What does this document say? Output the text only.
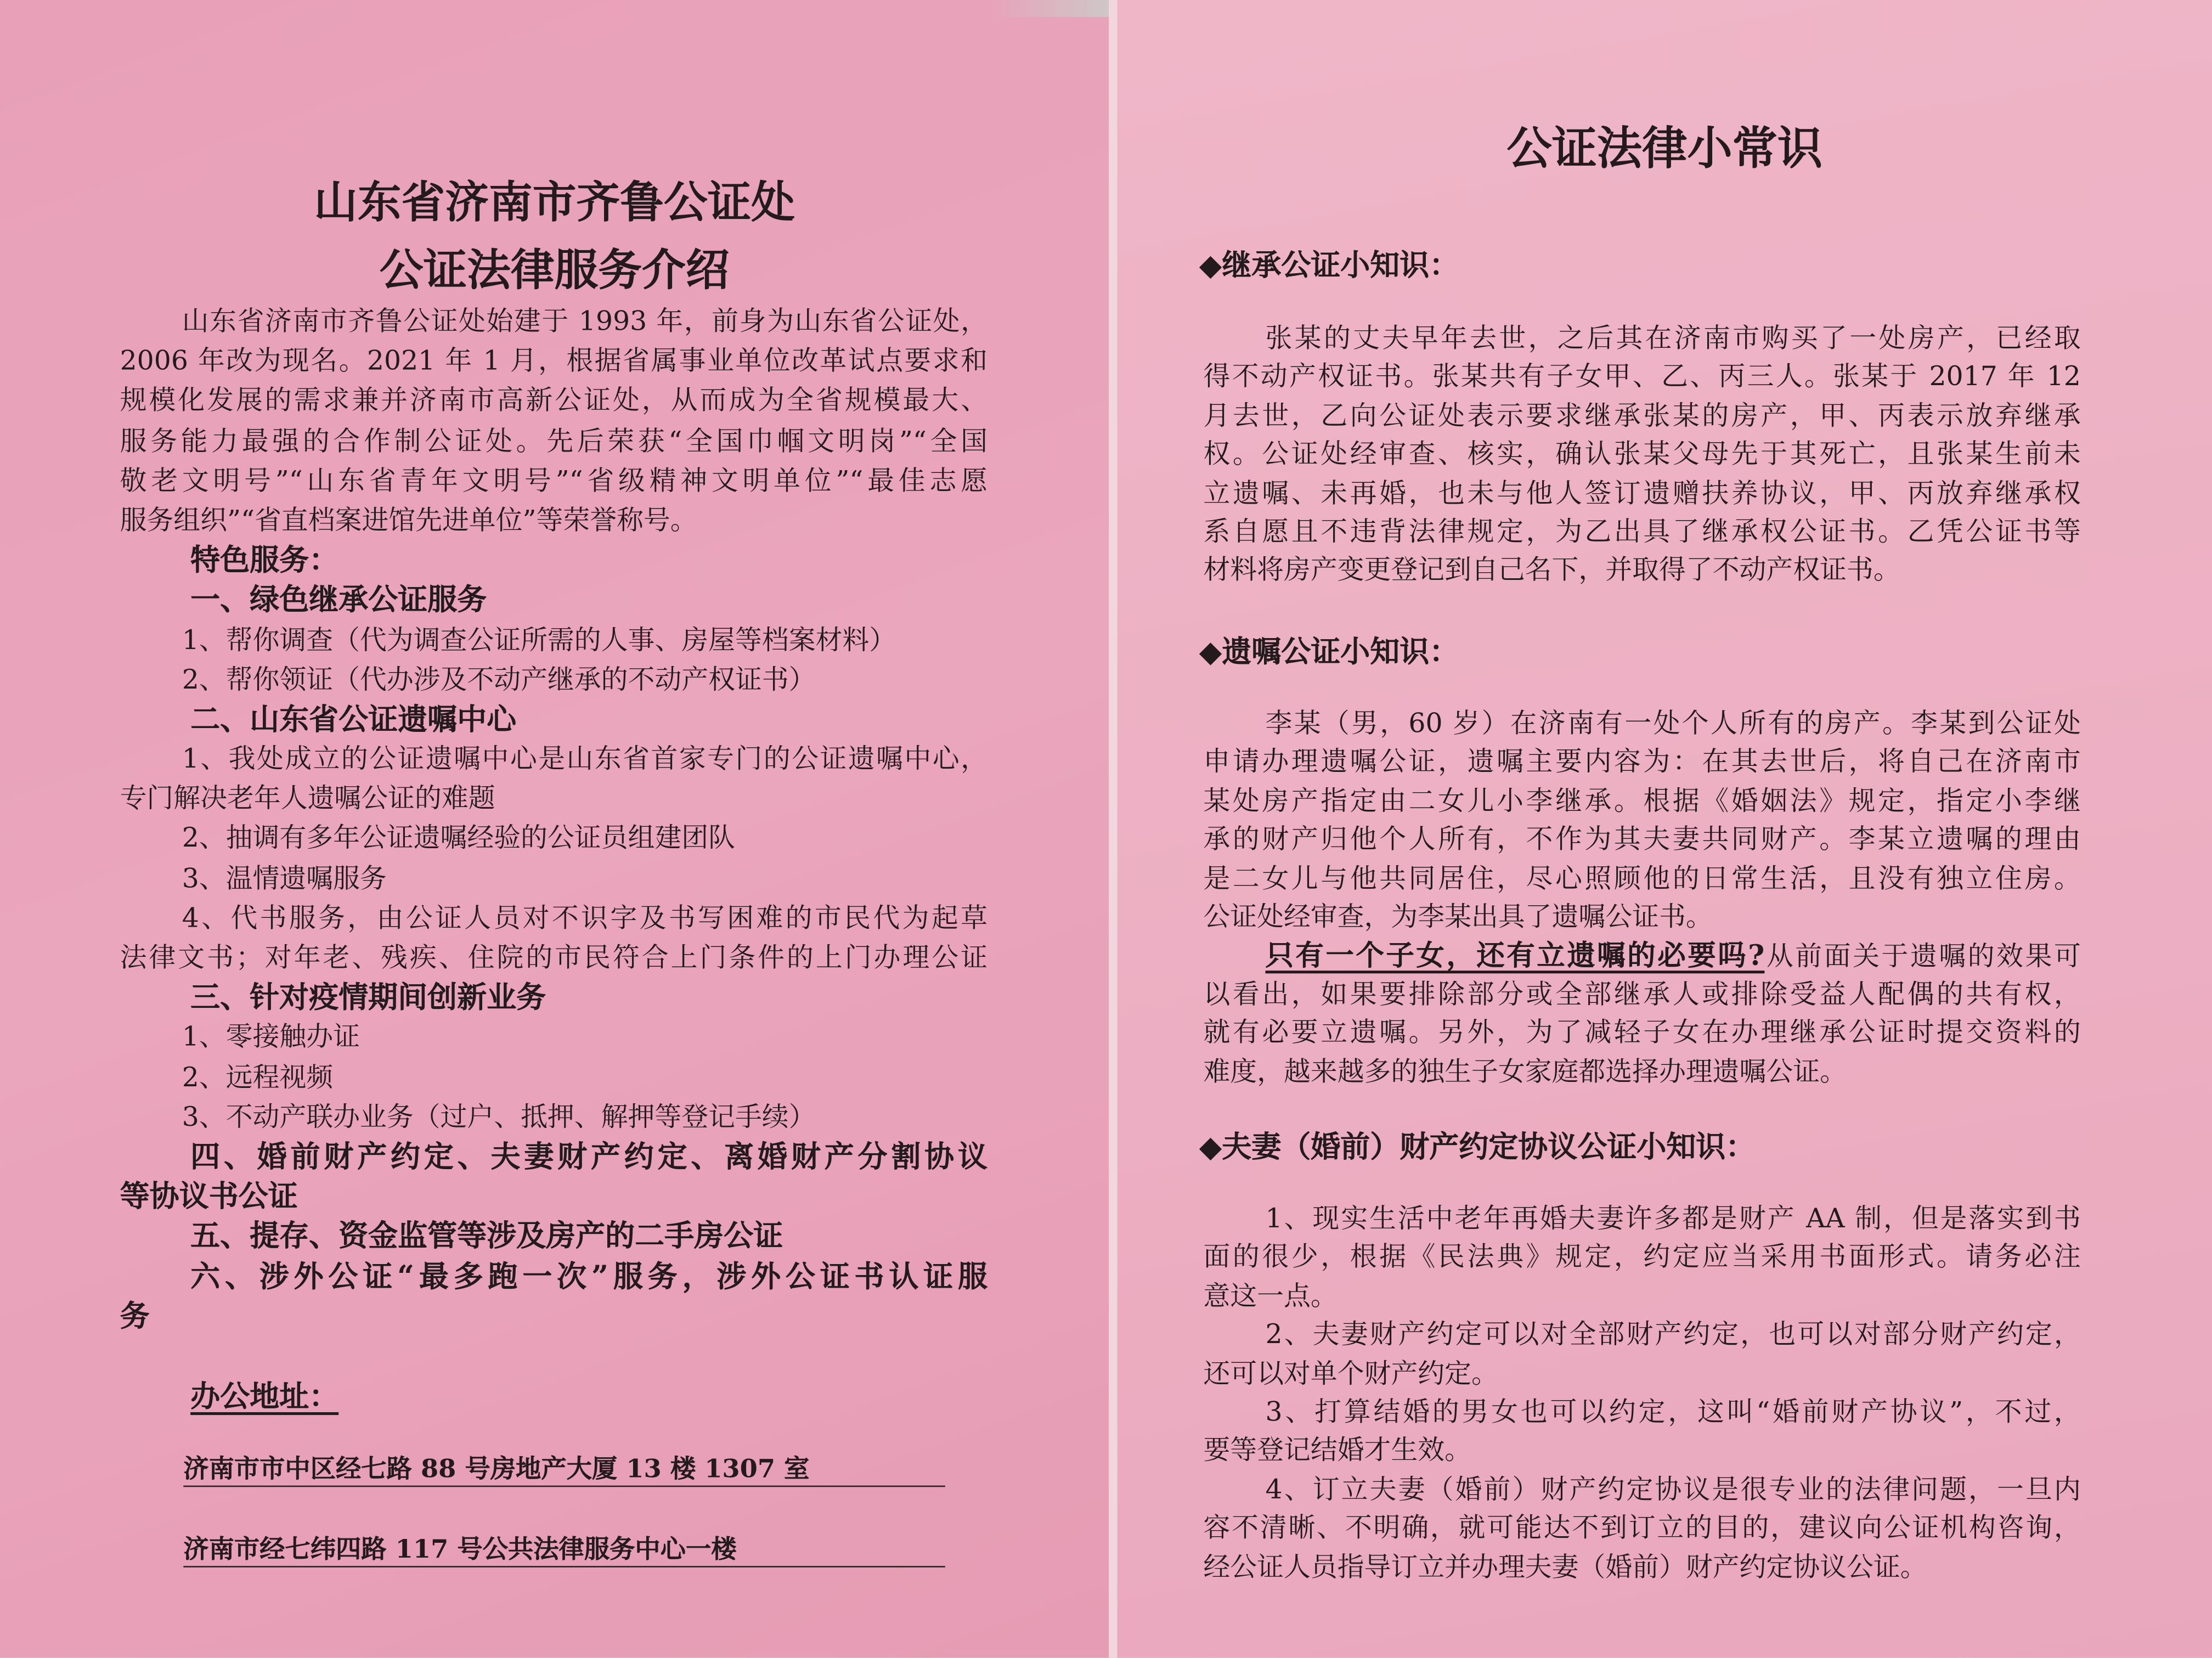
山东省济南市齐鲁公证处
公证法律服务介绍
山东省济南市齐鲁公证处始建于 1993 年，前身为山东省公证处，
2006 年改为现名。2021 年 1 月，根据省属事业单位改革试点要求和
规模化发展的需求兼并济南市高新公证处，从而成为全省规模最大、
服务能力最强的合作制公证处。先后荣获“全国巾帼文明岗”“全国
敬老文明号”“山东省青年文明号”“省级精神文明单位”“最佳志愿
服务组织”“省直档案进馆先进单位”等荣誉称号。
特色服务：
一、绿色继承公证服务
1、帮你调查（代为调查公证所需的人事、房屋等档案材料）
2、帮你领证（代办涉及不动产继承的不动产权证书）
二、山东省公证遗嘱中心
1、我处成立的公证遗嘱中心是山东省首家专门的公证遗嘱中心，
专门解决老年人遗嘱公证的难题
2、抽调有多年公证遗嘱经验的公证员组建团队
3、温情遗嘱服务
4、代书服务，由公证人员对不识字及书写困难的市民代为起草
法律文书；对年老、残疾、住院的市民符合上门条件的上门办理公证
三、针对疫情期间创新业务
1、零接触办证
2、远程视频
3、不动产联办业务（过户、抵押、解押等登记手续）
四、婚前财产约定、夫妻财产约定、离婚财产分割协议
等协议书公证
五、提存、资金监管等涉及房产的二手房公证
六、涉外公证“最多跑一次”服务，涉外公证书认证服
务
办公地址：
济南市市中区经七路 88 号房地产大厦 13 楼 1307 室
济南市经七纬四路 117 号公共法律服务中心一楼
公证法律小常识
◆继承公证小知识：
张某的丈夫早年去世，之后其在济南市购买了一处房产，已经取
得不动产权证书。张某共有子女甲、乙、丙三人。张某于 2017 年 12
月去世，乙向公证处表示要求继承张某的房产，甲、丙表示放弃继承
权。公证处经审查、核实，确认张某父母先于其死亡，且张某生前未
立遗嘱、未再婚，也未与他人签订遗赠扶养协议，甲、丙放弃继承权
系自愿且不违背法律规定，为乙出具了继承权公证书。乙凭公证书等
材料将房产变更登记到自己名下，并取得了不动产权证书。
◆遗嘱公证小知识：
李某（男，60 岁）在济南有一处个人所有的房产。李某到公证处
申请办理遗嘱公证，遗嘱主要内容为：在其去世后，将自己在济南市
某处房产指定由二女儿小李继承。根据《婚姻法》规定，指定小李继
承的财产归他个人所有，不作为其夫妻共同财产。李某立遗嘱的理由
是二女儿与他共同居住，尽心照顾他的日常生活，且没有独立住房。
公证处经审查，为李某出具了遗嘱公证书。
只有一个子女，还有立遗嘱的必要吗?从前面关于遗嘱的效果可
以看出，如果要排除部分或全部继承人或排除受益人配偶的共有权，
就有必要立遗嘱。另外，为了减轻子女在办理继承公证时提交资料的
难度，越来越多的独生子女家庭都选择办理遗嘱公证。
◆夫妻（婚前）财产约定协议公证小知识：
1、现实生活中老年再婚夫妻许多都是财产 AA 制，但是落实到书
面的很少，根据《民法典》规定，约定应当采用书面形式。请务必注
意这一点。
2、夫妻财产约定可以对全部财产约定，也可以对部分财产约定，
还可以对单个财产约定。
3、打算结婚的男女也可以约定，这叫“婚前财产协议”，不过，
要等登记结婚才生效。
4、订立夫妻（婚前）财产约定协议是很专业的法律问题，一旦内
容不清晰、不明确，就可能达不到订立的目的，建议向公证机构咨询，
经公证人员指导订立并办理夫妻（婚前）财产约定协议公证。
